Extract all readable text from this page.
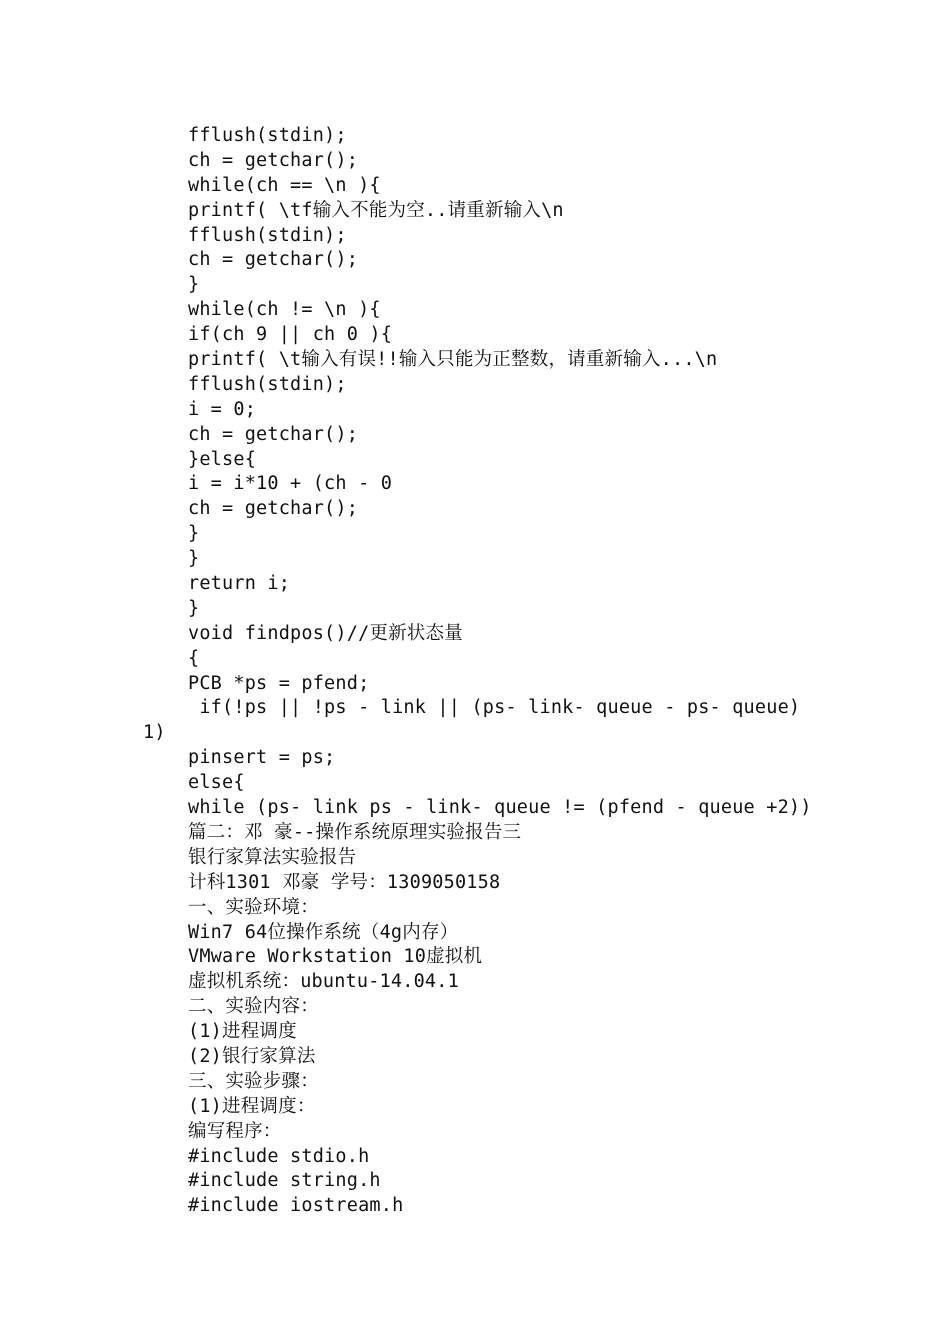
fflush(stdin);
ch = getchar();
while(ch == \n ){
printf( \tf输入不能为空..请重新输入\n
fflush(stdin);
ch = getchar();
}
while(ch != \n ){
if(ch 9 || ch 0 ){
printf( \t输入有误!!输入只能为正整数，请重新输入...\n
fflush(stdin);
i = 0;
ch = getchar();
}else{
i = i*10 + (ch - 0
ch = getchar();
}
}
return i;
}
void findpos()//更新状态量
{
PCB *ps = pfend;
if(!ps || !ps - link || (ps- link- queue - ps- queue)
1)
pinsert = ps;
else{
while (ps- link ps - link- queue != (pfend - queue +2))
篇二：邓 豪--操作系统原理实验报告三
银行家算法实验报告
计科1301 邓豪 学号：1309050158
一、实验环境：
Win7 64位操作系统（4g内存）
VMware Workstation 10虚拟机
虚拟机系统：ubuntu-14.04.1
二、实验内容：
(1)进程调度
(2)银行家算法
三、实验步骤：
(1)进程调度：
编写程序：
#include stdio.h
#include string.h
#include iostream.h
